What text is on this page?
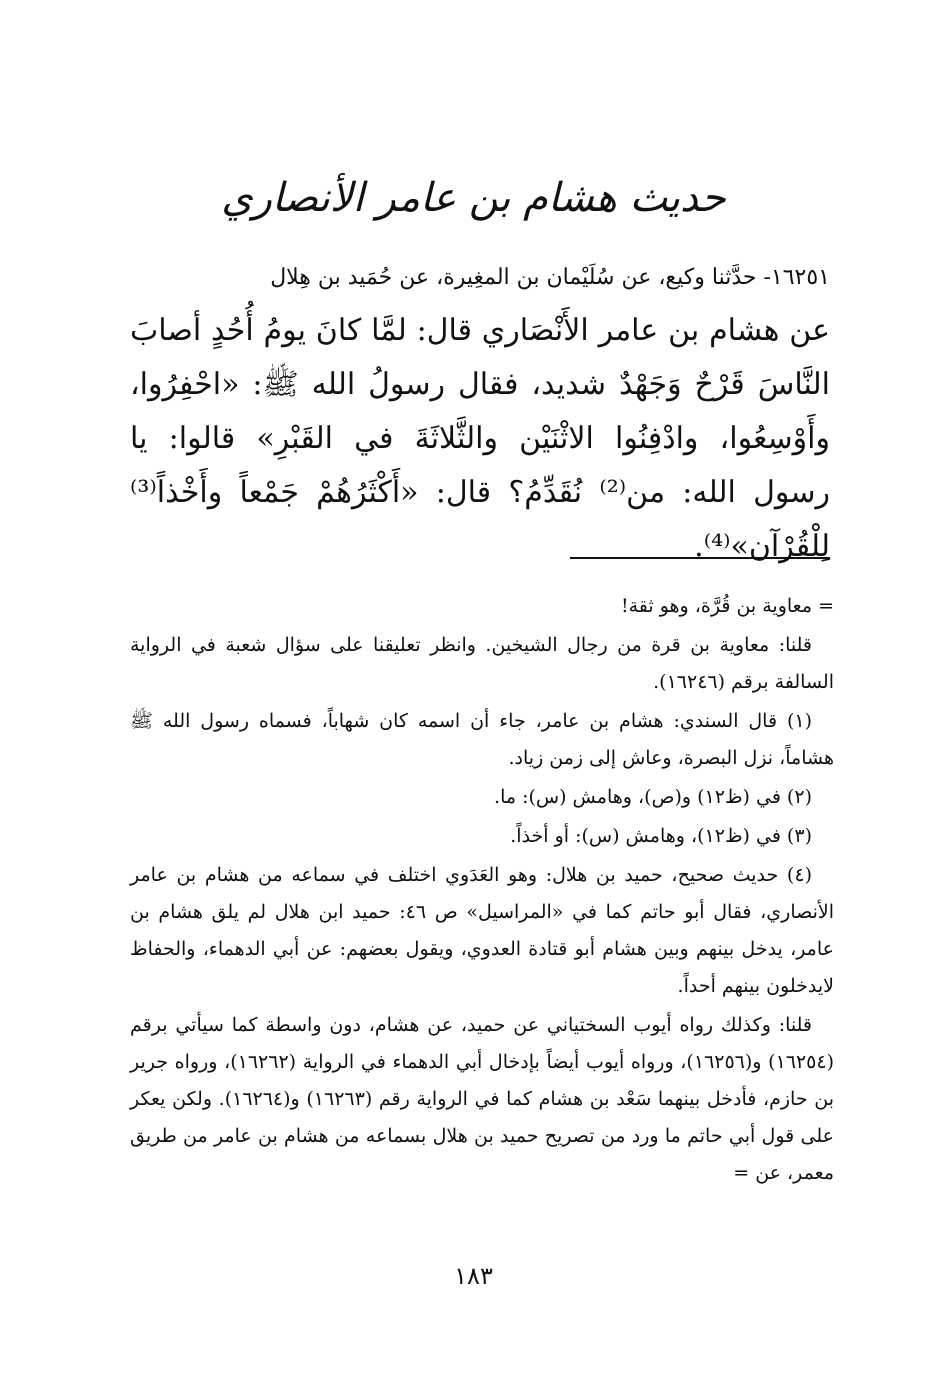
حديث هشام بن عامر الأنصاري

١٦٢٥١- حدَّثنا وكيع، عن سُلَيْمان بن المغِيرة، عن حُمَيد بن هِلال

عن هشام بن عامر الأَنْصَاري قال: لمَّا كانَ يومُ أُحُدٍ أصابَ النَّاسَ قَرْحٌ وَجَهْدٌ شديد، فقال رسولُ الله ﷺ: «احْفِرُوا، وأَوْسِعُوا، وادْفِنُوا الاثْنَيْن والثَّلاثَةَ في القَبْرِ» قالوا: يا رسول الله: من⁽²⁾ نُقَدِّمُ؟ قال: «أَكْثَرُهُمْ جَمْعاً وأَخْذاً⁽³⁾ لِلْقُرْآن»⁽⁴⁾.

= معاوية بن قُرَّة، وهو ثقة!

قلنا: معاوية بن قرة من رجال الشيخين. وانظر تعليقنا على سؤال شعبة في الرواية السالفة برقم (١٦٢٤٦).

(١) قال السندي: هشام بن عامر، جاء أن اسمه كان شهاباً، فسماه رسول الله ﷺ هشاماً، نزل البصرة، وعاش إلى زمن زياد.

(٢) في (ظ١٢) و(ص)، وهامش (س): ما.

(٣) في (ظ١٢)، وهامش (س): أو أخذاً.

(٤) حديث صحيح، حميد بن هلال: وهو العَدَوي اختلف في سماعه من هشام بن عامر الأنصاري، فقال أبو حاتم كما في «المراسيل» ص ٤٦: حميد ابن هلال لم يلق هشام بن عامر، يدخل بينهم وبين هشام أبو قتادة العدوي، ويقول بعضهم: عن أبي الدهماء، والحفاظ لايدخلون بينهم أحداً.

قلنا: وكذلك رواه أيوب السختياني عن حميد، عن هشام، دون واسطة كما سيأتي برقم (١٦٢٥٤) و(١٦٢٥٦)، ورواه أيوب أيضاً بإدخال أبي الدهماء في الرواية (١٦٢٦٢)، ورواه جرير بن حازم، فأدخل بينهما سَعْد بن هشام كما في الرواية رقم (١٦٢٦٣) و(١٦٢٦٤). ولكن يعكر على قول أبي حاتم ما ورد من تصريح حميد بن هلال بسماعه من هشام بن عامر من طريق معمر، عن =

١٨٣
